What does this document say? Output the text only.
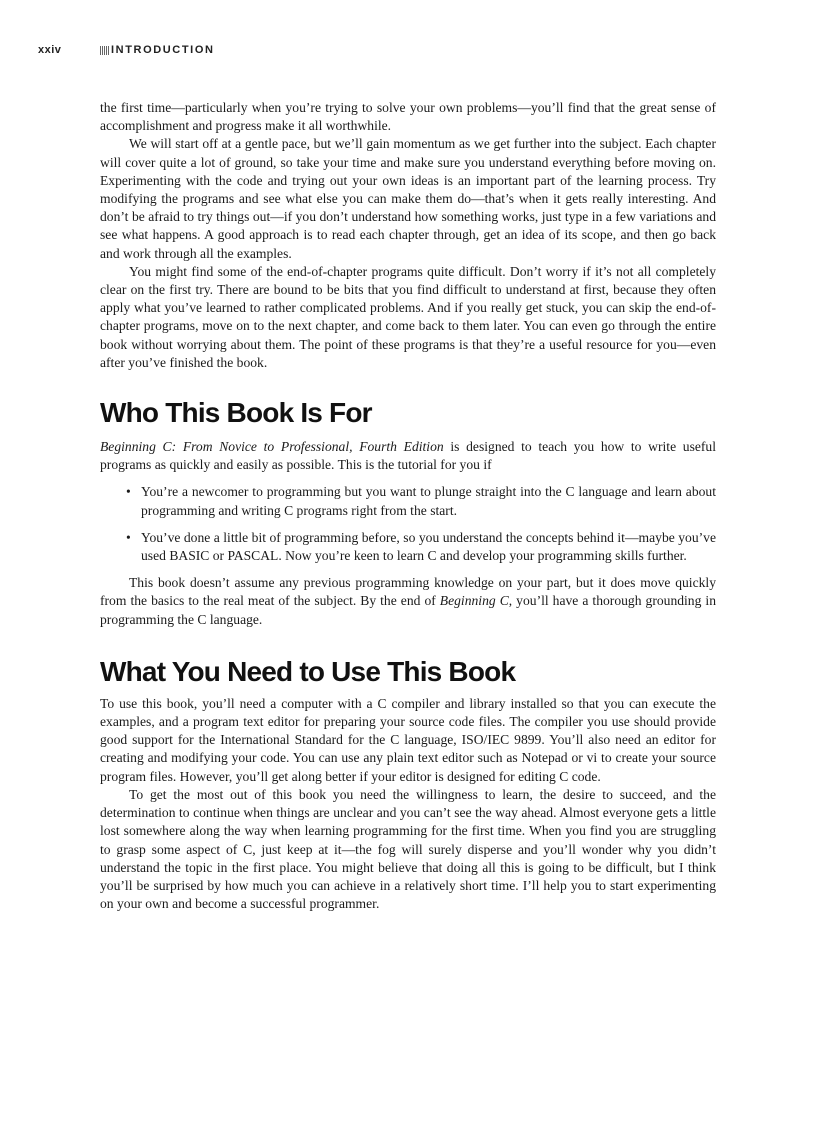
xxiv	INTRODUCTION

the first time—particularly when you’re trying to solve your own problems—you’ll find that the great sense of accomplishment and progress make it all worthwhile.

We will start off at a gentle pace, but we’ll gain momentum as we get further into the subject. Each chapter will cover quite a lot of ground, so take your time and make sure you understand everything before moving on. Experimenting with the code and trying out your own ideas is an important part of the learning process. Try modifying the programs and see what else you can make them do—that’s when it gets really interesting. And don’t be afraid to try things out—if you don’t understand how something works, just type in a few variations and see what happens. A good approach is to read each chapter through, get an idea of its scope, and then go back and work through all the examples.

You might find some of the end-of-chapter programs quite difficult. Don’t worry if it’s not all completely clear on the first try. There are bound to be bits that you find difficult to understand at first, because they often apply what you’ve learned to rather complicated problems. And if you really get stuck, you can skip the end-of-chapter programs, move on to the next chapter, and come back to them later. You can even go through the entire book without worrying about them. The point of these programs is that they’re a useful resource for you—even after you’ve finished the book.

Who This Book Is For

Beginning C: From Novice to Professional, Fourth Edition is designed to teach you how to write useful programs as quickly and easily as possible. This is the tutorial for you if

• You’re a newcomer to programming but you want to plunge straight into the C language and learn about programming and writing C programs right from the start.
• You’ve done a little bit of programming before, so you understand the concepts behind it—maybe you’ve used BASIC or PASCAL. Now you’re keen to learn C and develop your programming skills further.

This book doesn’t assume any previous programming knowledge on your part, but it does move quickly from the basics to the real meat of the subject. By the end of Beginning C, you’ll have a thorough grounding in programming the C language.

What You Need to Use This Book

To use this book, you’ll need a computer with a C compiler and library installed so that you can execute the examples, and a program text editor for preparing your source code files. The compiler you use should provide good support for the International Standard for the C language, ISO/IEC 9899. You’ll also need an editor for creating and modifying your code. You can use any plain text editor such as Notepad or vi to create your source program files. However, you’ll get along better if your editor is designed for editing C code.

To get the most out of this book you need the willingness to learn, the desire to succeed, and the determination to continue when things are unclear and you can’t see the way ahead. Almost everyone gets a little lost somewhere along the way when learning programming for the first time. When you find you are struggling to grasp some aspect of C, just keep at it—the fog will surely disperse and you’ll wonder why you didn’t understand the topic in the first place. You might believe that doing all this is going to be difficult, but I think you’ll be surprised by how much you can achieve in a relatively short time. I’ll help you to start experimenting on your own and become a successful programmer.
